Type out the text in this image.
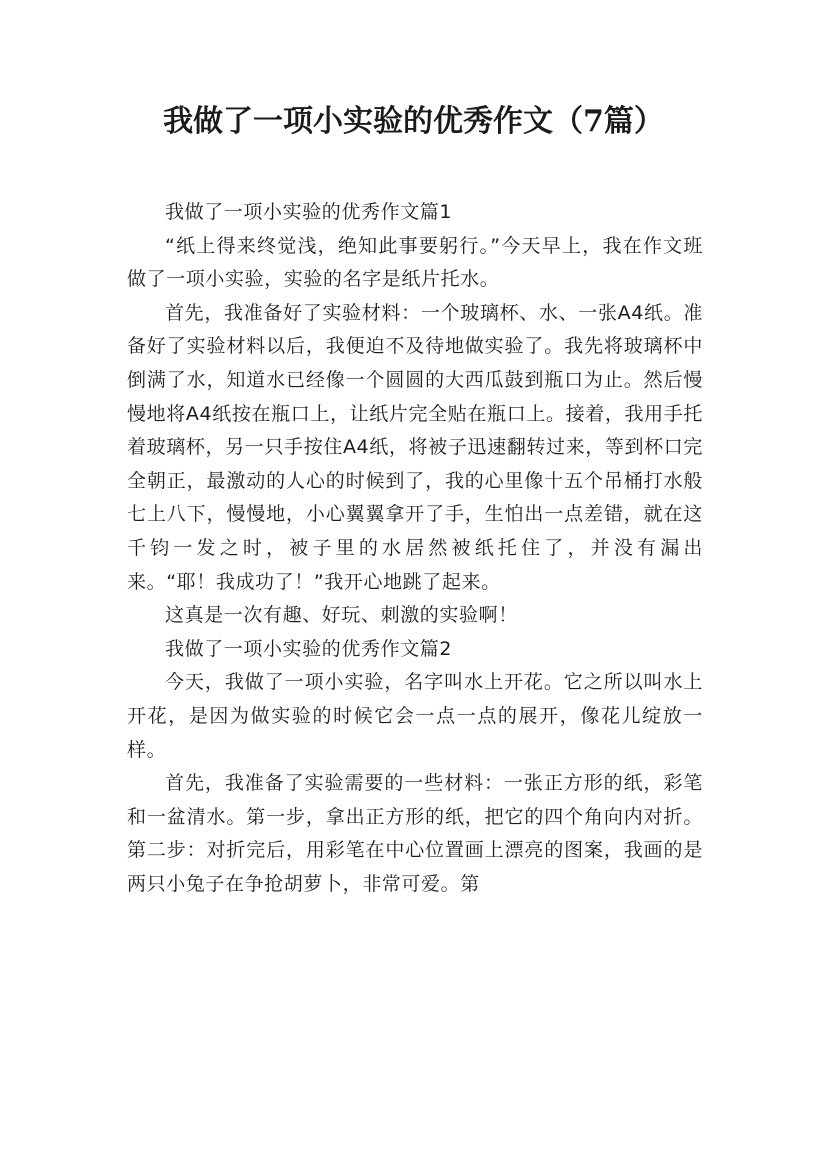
我做了一项小实验的优秀作文（7篇）

我做了一项小实验的优秀作文篇1

“纸上得来终觉浅，绝知此事要躬行。”今天早上，我在作文班做了一项小实验，实验的名字是纸片托水。

首先，我准备好了实验材料：一个玻璃杯、水、一张A4纸。准备好了实验材料以后，我便迫不及待地做实验了。我先将玻璃杯中倒满了水，知道水已经像一个圆圆的大西瓜鼓到瓶口为止。然后慢慢地将A4纸按在瓶口上，让纸片完全贴在瓶口上。接着，我用手托着玻璃杯，另一只手按住A4纸，将被子迅速翻转过来，等到杯口完全朝正，最激动的人心的时候到了，我的心里像十五个吊桶打水般七上八下，慢慢地，小心翼翼拿开了手，生怕出一点差错，就在这千钧一发之时，被子里的水居然被纸托住了，并没有漏出来。“耶！我成功了！”我开心地跳了起来。

这真是一次有趣、好玩、刺激的实验啊！

我做了一项小实验的优秀作文篇2

今天，我做了一项小实验，名字叫水上开花。它之所以叫水上开花，是因为做实验的时候它会一点一点的展开，像花儿绽放一样。

首先，我准备了实验需要的一些材料：一张正方形的纸，彩笔和一盆清水。第一步，拿出正方形的纸，把它的四个角向内对折。第二步：对折完后，用彩笔在中心位置画上漂亮的图案，我画的是两只小兔子在争抢胡萝卜，非常可爱。第
